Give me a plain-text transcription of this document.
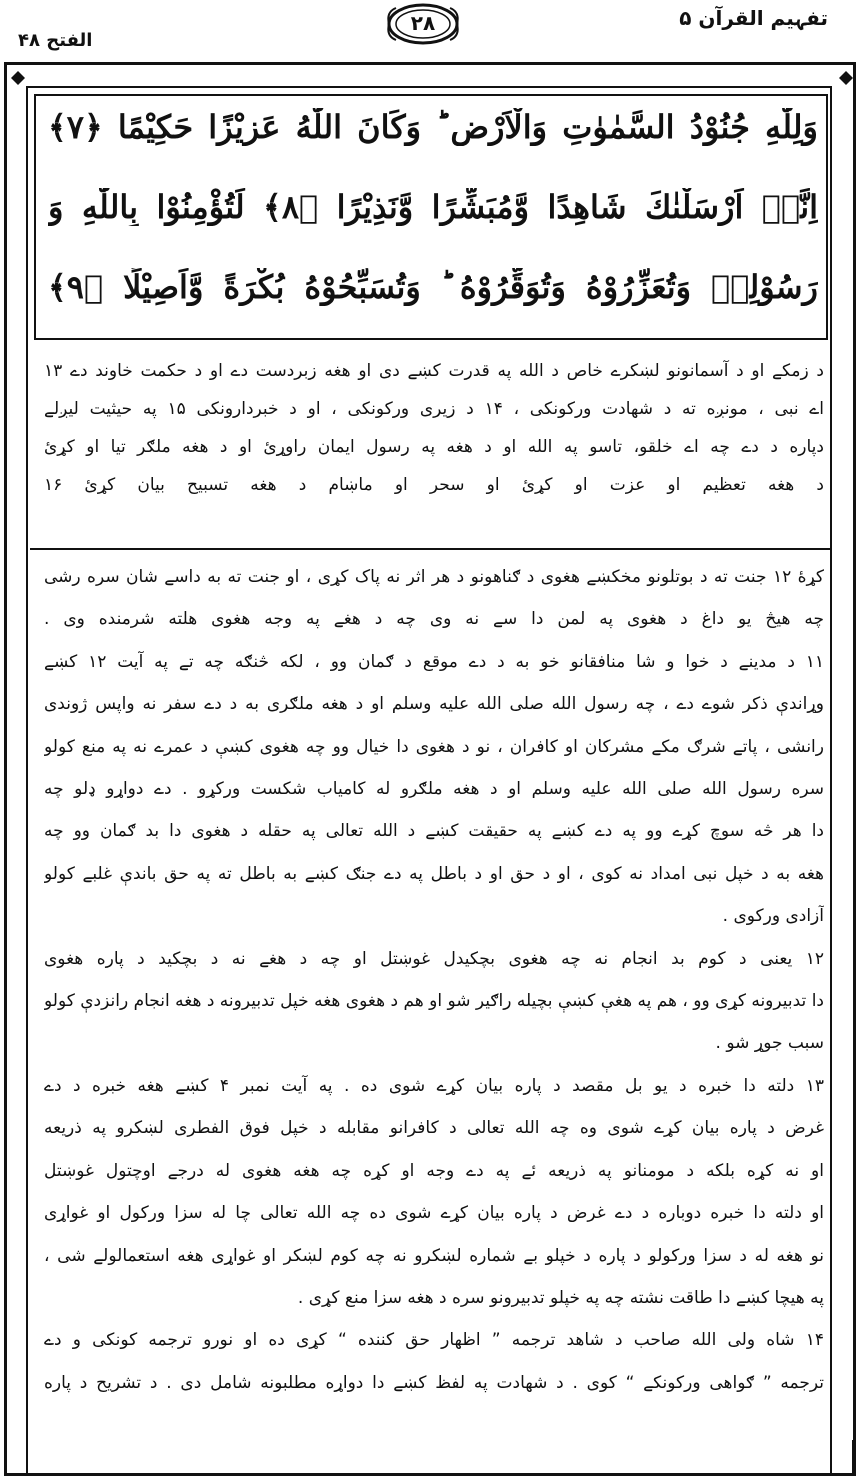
تفہیم القرآن ۵
۲۸
الفتح ۴۸
وَلِلّٰهِ جُنُوْدُ السَّمٰوٰتِ وَالْاَرْضِ ؕ وَكَانَ اللّٰهُ عَزِيْزًا حَكِيْمًا ﴿۷﴾
اِنَّاۤ اَرْسَلْنٰكَ شَاهِدًا وَّمُبَشِّرًا وَّنَذِيْرًا ﴿۸﴾ لِّتُؤْمِنُوْا بِاللّٰهِ وَ
رَسُوْلِهٖ وَتُعَزِّرُوْهُ وَتُوَقِّرُوْهُ ؕ وَتُسَبِّحُوْهُ بُكْرَةً وَّاَصِيْلًا ﴿۹﴾
د زمکے او د آسمانونو لښکرے خاص د الله په قدرت کښے دی او هغه زبردست دے او د حکمت خاوند دے ۱۳
اے نبی ، مونږه ته د شهادت ورکونکی ، ۱۴ د زیری ورکونکی ، او د خبردارونکی ۱۵ په حیثیت لیږلے
دپاره د دے چه اے خلقو، تاسو په الله او د هغه په رسول ایمان راوړئ او د هغه ملګر تیا او کړئ
د هغه تعظیم او عزت او کړئ او سحر او ماښام د هغه تسبیح بیان کړئ ۱۶
کړهٔ ۱۲ جنت ته د بوتلونو مخکښے هغوی د ګناهونو د هر اثر نه پاک کړی ، او جنت ته به داسے شان سره رشی
چه هیڅ یو داغ د هغوی په لمن دا سے نه وی چه د هغے په وجه هغوی هلته شرمنده وی .
۱۱ د مدینے د خوا و شا منافقانو خو به د دے موقع د ګمان وو ، لکه څنګه چه تے په آیت ۱۲ کښے
وړاندې ذکر شوے دے ، چه رسول الله صلی الله علیه وسلم او د هغه ملګری به د دے سفر نه واپس ژوندی
رانشی ، پاتے شرګ مکے مشرکان او کافران ، نو د هغوی دا خیال وو چه هغوی کښې د عمرے نه په منع کولو
سره رسول الله صلی الله علیه وسلم او د هغه ملګرو له کامیاب شکست ورکړو . دے دواړو ډلو چه
دا هر څه سوچ کړے وو په دے کښے په حقیقت کښے د الله تعالی په حقله د هغوی دا بد ګمان وو چه
هغه به د خپل نبی امداد نه کوی ، او د حق او د باطل په دے جنګ کښے به باطل ته په حق باندې غلبے کولو
آزادی ورکوی .
۱۲ یعنی د کوم بد انجام نه چه هغوی بچکیدل غوښتل او چه د هغے نه د بچکید د پاره هغوی
دا تدبیرونه کړی وو ، هم په هغې کښې بچیله راګیر شو او هم د هغوی هغه خپل تدبیرونه د هغه انجام رانزدې کولو
سبب جوړ شو .
۱۳ دلته دا خبره د یو بل مقصد د پاره بیان کړے شوی ده . په آیت نمبر ۴ کښے هغه خبره د دے
غرض د پاره بیان کړے شوی وه چه الله تعالی د کافرانو مقابله د خپل فوق الفطری لښکرو په ذریعه
او نه کړه بلکه د مومنانو په ذریعه ئے په دے وجه او کړه چه هغه هغوی له درجے اوچتول غوښتل
او دلته دا خبره دوباره د دے غرض د پاره بیان کړے شوی ده چه الله تعالی چا له سزا ورکول او غواړی
نو هغه له د سزا ورکولو د پاره د خپلو بے شماره لښکرو نه چه کوم لښکر او غواړی هغه استعمالولے شی ،
په هیچا کښے دا طاقت نشته چه په خپلو تدبیرونو سره د هغه سزا منع کړی .
۱۴ شاه ولی الله صاحب د شاهد ترجمه ” اظهار حق کننده “ کړی ده او نورو ترجمه کونکی و دے
ترجمه ” ګواهی ورکونکے “ کوی . د شهادت په لفظ کښے دا دواړه مطلبونه شامل دی . د تشریح د پاره
